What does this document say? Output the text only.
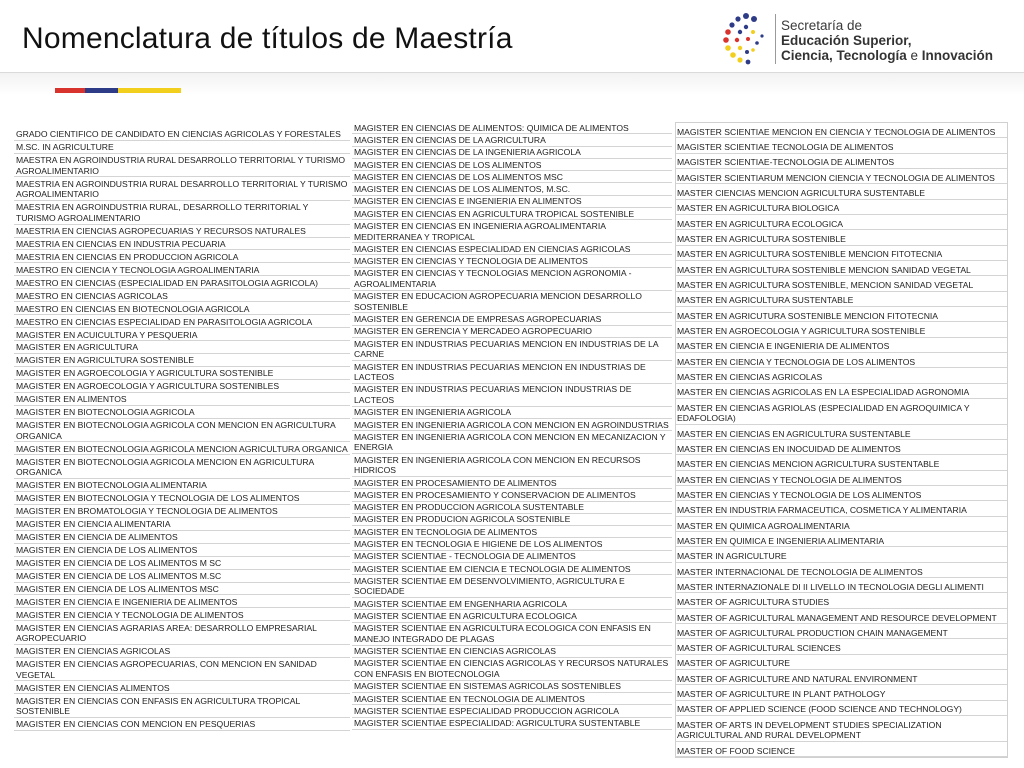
Nomenclatura de títulos de Maestría	Secretaría de
Educación Superior,
Ciencia, Tecnología e Innovación
GRADO CIENTIFICO DE CANDIDATO EN CIENCIAS AGRICOLAS Y FORESTALES
M.SC. IN AGRICULTURE
MAESTRA EN AGROINDUSTRIA RURAL DESARROLLO TERRITORIAL Y TURISMO AGROALIMENTARIO
MAESTRIA EN AGROINDUSTRIA RURAL DESARROLLO TERRITORIAL Y TURISMO AGROALIMENTARIO
MAESTRIA EN AGROINDUSTRIA RURAL, DESARROLLO TERRITORIAL Y TURISMO AGROALIMENTARIO
MAESTRIA EN CIENCIAS AGROPECUARIAS Y RECURSOS NATURALES
MAESTRIA EN CIENCIAS EN INDUSTRIA PECUARIA
MAESTRIA EN CIENCIAS EN PRODUCCION AGRICOLA
MAESTRO EN CIENCIA Y TECNOLOGIA AGROALIMENTARIA
MAESTRO EN CIENCIAS (ESPECIALIDAD EN PARASITOLOGIA AGRICOLA)
MAESTRO EN CIENCIAS AGRICOLAS
MAESTRO EN CIENCIAS EN BIOTECNOLOGIA AGRICOLA
MAESTRO EN CIENCIAS ESPECIALIDAD EN PARASITOLOGIA AGRICOLA
MAGISTER EN ACUICULTURA Y PESQUERIA
MAGISTER EN AGRICULTURA
MAGISTER EN AGRICULTURA SOSTENIBLE
MAGISTER EN AGROECOLOGIA Y AGRICULTURA SOSTENIBLE
MAGISTER EN AGROECOLOGIA Y AGRICULTURA SOSTENIBLES
MAGISTER EN ALIMENTOS
MAGISTER EN BIOTECNOLOGIA AGRICOLA
MAGISTER EN BIOTECNOLOGIA AGRICOLA CON MENCION EN AGRICULTURA ORGANICA
MAGISTER EN BIOTECNOLOGIA AGRICOLA MENCION AGRICULTURA ORGANICA
MAGISTER EN BIOTECNOLOGIA AGRICOLA MENCION EN AGRICULTURA ORGANICA
MAGISTER EN BIOTECNOLOGIA ALIMENTARIA
MAGISTER EN BIOTECNOLOGIA Y TECNOLOGIA DE LOS ALIMENTOS
MAGISTER EN BROMATOLOGIA Y TECNOLOGIA DE ALIMENTOS
MAGISTER EN CIENCIA ALIMENTARIA
MAGISTER EN CIENCIA DE ALIMENTOS
MAGISTER EN CIENCIA DE LOS ALIMENTOS
MAGISTER EN CIENCIA DE LOS ALIMENTOS M SC
MAGISTER EN CIENCIA DE LOS ALIMENTOS M.SC
MAGISTER EN CIENCIA DE LOS ALIMENTOS MSC
MAGISTER EN CIENCIA E INGENIERIA DE ALIMENTOS
MAGISTER EN CIENCIA Y TECNOLOGIA DE ALIMENTOS
MAGISTER EN CIENCIAS AGRARIAS AREA: DESARROLLO EMPRESARIAL AGROPECUARIO
MAGISTER EN CIENCIAS AGRICOLAS
MAGISTER EN CIENCIAS AGROPECUARIAS, CON MENCION EN SANIDAD VEGETAL
MAGISTER EN CIENCIAS ALIMENTOS
MAGISTER EN CIENCIAS CON ENFASIS EN AGRICULTURA TROPICAL SOSTENIBLE
MAGISTER EN CIENCIAS CON MENCION EN PESQUERIAS
MAGISTER EN CIENCIAS DE ALIMENTOS: QUIMICA DE ALIMENTOS
MAGISTER EN CIENCIAS DE LA AGRICULTURA
MAGISTER EN CIENCIAS DE LA INGENIERIA AGRICOLA
MAGISTER EN CIENCIAS DE LOS ALIMENTOS
MAGISTER EN CIENCIAS DE LOS ALIMENTOS MSC
MAGISTER EN CIENCIAS DE LOS ALIMENTOS, M.SC.
MAGISTER EN CIENCIAS E INGENIERIA EN ALIMENTOS
MAGISTER EN CIENCIAS EN AGRICULTURA TROPICAL SOSTENIBLE
MAGISTER EN CIENCIAS EN INGENIERIA AGROALIMENTARIA MEDITERRANEA Y TROPICAL
MAGISTER EN CIENCIAS ESPECIALIDAD EN CIENCIAS AGRICOLAS
MAGISTER EN CIENCIAS Y TECNOLOGIA DE ALIMENTOS
MAGISTER EN CIENCIAS Y TECNOLOGIAS MENCION AGRONOMIA - AGROALIMENTARIA
MAGISTER EN EDUCACION AGROPECUARIA MENCION DESARROLLO SOSTENIBLE
MAGISTER EN GERENCIA DE EMPRESAS AGROPECUARIAS
MAGISTER EN GERENCIA Y MERCADEO AGROPECUARIO
MAGISTER EN INDUSTRIAS PECUARIAS MENCION EN INDUSTRIAS DE LA CARNE
MAGISTER EN INDUSTRIAS PECUARIAS MENCION EN INDUSTRIAS DE LACTEOS
MAGISTER EN INDUSTRIAS PECUARIAS MENCION INDUSTRIAS DE LACTEOS
MAGISTER EN INGENIERIA AGRICOLA
MAGISTER EN INGENIERIA AGRICOLA CON MENCION EN AGROINDUSTRIAS
MAGISTER EN INGENIERIA AGRICOLA CON MENCION EN MECANIZACION Y ENERGIA
MAGISTER EN INGENIERIA AGRICOLA CON MENCION EN RECURSOS HIDRICOS
MAGISTER EN PROCESAMIENTO DE ALIMENTOS
MAGISTER EN PROCESAMIENTO Y CONSERVACION DE ALIMENTOS
MAGISTER EN PRODUCCION AGRICOLA SUSTENTABLE
MAGISTER EN PRODUCION AGRICOLA SOSTENIBLE
MAGISTER EN TECNOLOGIA DE ALIMENTOS
MAGISTER EN TECNOLOGIA E HIGIENE DE LOS ALIMENTOS
MAGISTER SCIENTIAE - TECNOLOGIA DE ALIMENTOS
MAGISTER SCIENTIAE EM CIENCIA E TECNOLOGIA DE ALIMENTOS
MAGISTER SCIENTIAE EM DESENVOLVIMIENTO, AGRICULTURA E SOCIEDADE
MAGISTER SCIENTIAE EM ENGENHARIA AGRICOLA
MAGISTER SCIENTIAE EN AGRICULTURA ECOLOGICA
MAGISTER SCIENTIAE EN AGRICULTURA ECOLOGICA CON ENFASIS EN MANEJO INTEGRADO DE PLAGAS
MAGISTER SCIENTIAE EN CIENCIAS AGRICOLAS
MAGISTER SCIENTIAE EN CIENCIAS AGRICOLAS Y RECURSOS NATURALES CON ENFASIS EN BIOTECNOLOGIA
MAGISTER SCIENTIAE EN SISTEMAS AGRICOLAS SOSTENIBLES
MAGISTER SCIENTIAE EN TECNOLOGIA DE ALIMENTOS
MAGISTER SCIENTIAE ESPECIALIDAD PRODUCCION AGRICOLA
MAGISTER SCIENTIAE ESPECIALIDAD: AGRICULTURA SUSTENTABLE
MAGISTER SCIENTIAE MENCION EN CIENCIA Y TECNOLOGIA DE ALIMENTOS
MAGISTER SCIENTIAE TECNOLOGIA DE ALIMENTOS
MAGISTER SCIENTIAE-TECNOLOGIA DE ALIMENTOS
MAGISTER SCIENTIARUM MENCION CIENCIA Y TECNOLOGIA DE ALIMENTOS
MASTER CIENCIAS MENCION AGRICULTURA SUSTENTABLE
MASTER EN AGRICULTURA BIOLOGICA
MASTER EN AGRICULTURA ECOLOGICA
MASTER EN AGRICULTURA SOSTENIBLE
MASTER EN AGRICULTURA SOSTENIBLE MENCION FITOTECNIA
MASTER EN AGRICULTURA SOSTENIBLE MENCION SANIDAD VEGETAL
MASTER EN AGRICULTURA SOSTENIBLE, MENCION SANIDAD VEGETAL
MASTER EN AGRICULTURA SUSTENTABLE
MASTER EN AGRICUTURA SOSTENIBLE MENCION FITOTECNIA
MASTER EN AGROECOLOGIA Y AGRICULTURA SOSTENIBLE
MASTER EN CIENCIA E INGENIERIA DE ALIMENTOS
MASTER EN CIENCIA Y TECNOLOGIA DE LOS ALIMENTOS
MASTER EN CIENCIAS AGRICOLAS
MASTER EN CIENCIAS AGRICOLAS EN LA ESPECIALIDAD AGRONOMIA
MASTER EN CIENCIAS AGRIOLAS (ESPECIALIDAD EN AGROQUIMICA Y EDAFOLOGIA)
MASTER EN CIENCIAS EN AGRICULTURA SUSTENTABLE
MASTER EN CIENCIAS EN INOCUIDAD DE ALIMENTOS
MASTER EN CIENCIAS MENCION AGRICULTURA SUSTENTABLE
MASTER EN CIENCIAS Y TECNOLOGIA DE ALIMENTOS
MASTER EN CIENCIAS Y TECNOLOGIA DE LOS ALIMENTOS
MASTER EN INDUSTRIA FARMACEUTICA, COSMETICA Y ALIMENTARIA
MASTER EN QUIMICA AGROALIMENTARIA
MASTER EN QUIMICA E INGENIERIA ALIMENTARIA
MASTER IN AGRICULTURE
MASTER INTERNACIONAL DE TECNOLOGIA DE ALIMENTOS
MASTER INTERNAZIONALE DI II LIVELLO IN TECNOLOGIA DEGLI ALIMENTI
MASTER OF AGRICULTURA STUDIES
MASTER OF AGRICULTURAL MANAGEMENT AND RESOURCE DEVELOPMENT
MASTER OF AGRICULTURAL PRODUCTION CHAIN MANAGEMENT
MASTER OF AGRICULTURAL SCIENCES
MASTER OF AGRICULTURE
MASTER OF AGRICULTURE AND NATURAL ENVIRONMENT
MASTER OF AGRICULTURE IN PLANT PATHOLOGY
MASTER OF APPLIED SCIENCE (FOOD SCIENCE AND TECHNOLOGY)
MASTER OF ARTS IN DEVELOPMENT STUDIES SPECIALIZATION AGRICULTURAL AND RURAL DEVELOPMENT
MASTER OF FOOD SCIENCE
